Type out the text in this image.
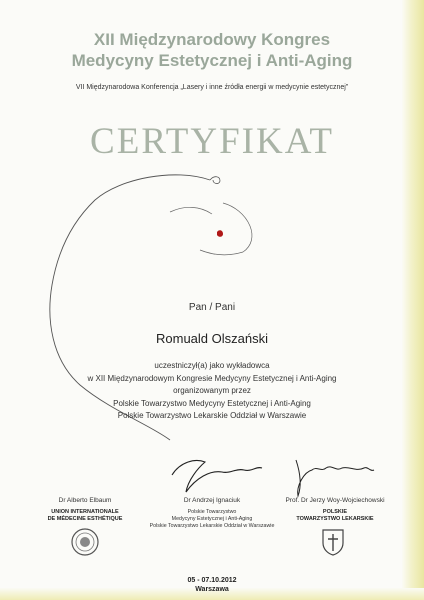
XII Międzynarodowy Kongres
Medycyny Estetycznej i Anti-Aging
VII Międzynarodowa Konferencja „Lasery i inne źródła energii w medycynie estetycznej”
CERTYFIKAT
Pan / Pani
Romuald Olszański
uczestniczył(a) jako wykładowca
w XII Międzynarodowym Kongresie Medycyny Estetycznej i Anti-Aging
organizowanym przez
Polskie Towarzystwo Medycyny Estetycznej i Anti-Aging
Polskie Towarzystwo Lekarskie Oddział w Warszawie
Dr Alberto Elbaum
UNION INTERNATIONALE
DE MÉDECINE ESTHÉTIQUE
Dr Andrzej Ignaciuk
Polskie Towarzystwo
Medycyny Estetycznej i Anti-Aging
Polskie Towarzystwo Lekarskie Oddział w Warszawie
Prof. Dr Jerzy Woy-Wojciechowski
POLSKIE
TOWARZYSTWO LEKARSKIE
05 - 07.10.2012
Warszawa
